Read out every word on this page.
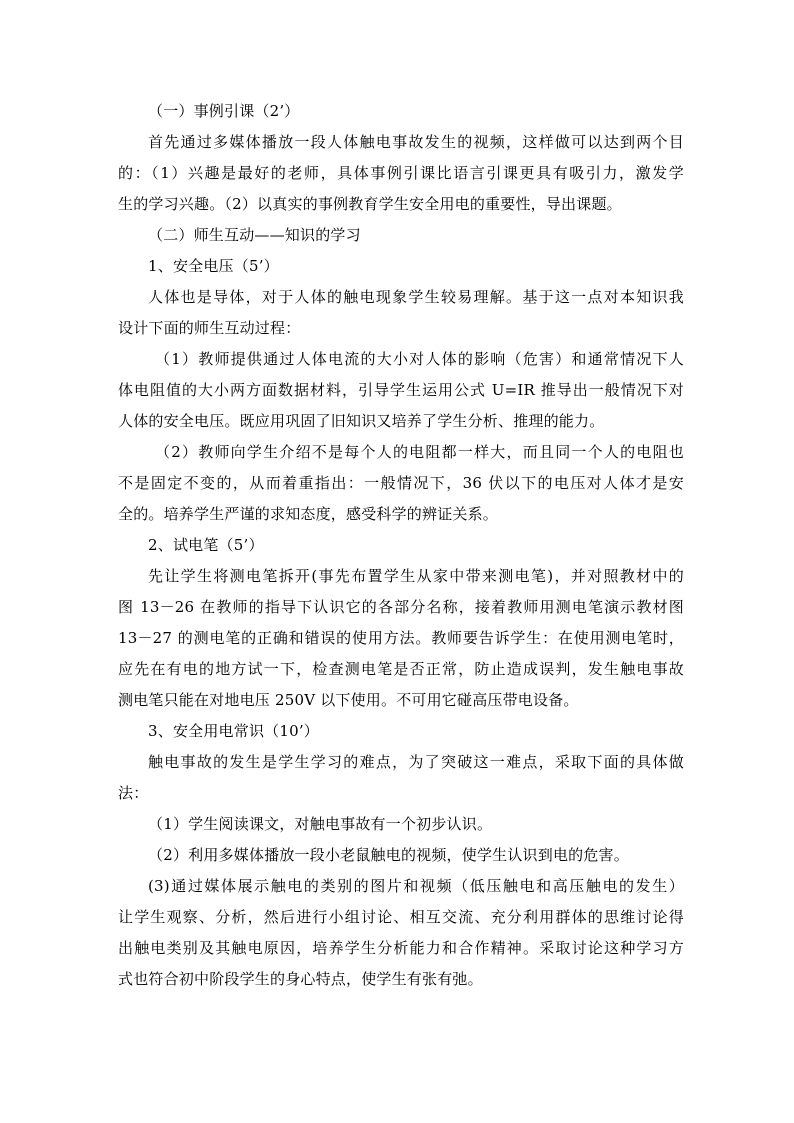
（一）事例引课（2’）
首先通过多媒体播放一段人体触电事故发生的视频，这样做可以达到两个目
的：（1）兴趣是最好的老师，具体事例引课比语言引课更具有吸引力，激发学
生的学习兴趣。（2）以真实的事例教育学生安全用电的重要性，导出课题。
（二）师生互动——知识的学习
1、安全电压（5’）
人体也是导体，对于人体的触电现象学生较易理解。基于这一点对本知识我
设计下面的师生互动过程：
（1）教师提供通过人体电流的大小对人体的影响（危害）和通常情况下人
体电阻值的大小两方面数据材料，引导学生运用公式 U=IR 推导出一般情况下对
人体的安全电压。既应用巩固了旧知识又培养了学生分析、推理的能力。
（2）教师向学生介绍不是每个人的电阻都一样大，而且同一个人的电阻也
不是固定不变的，从而着重指出：一般情况下，36 伏以下的电压对人体才是安
全的。培养学生严谨的求知态度，感受科学的辨证关系。
2、试电笔（5’）
先让学生将测电笔拆开(事先布置学生从家中带来测电笔)，并对照教材中的
图 13－26 在教师的指导下认识它的各部分名称，接着教师用测电笔演示教材图
13－27 的测电笔的正确和错误的使用方法。教师要告诉学生：在使用测电笔时，
应先在有电的地方试一下，检查测电笔是否正常，防止造成误判，发生触电事故
测电笔只能在对地电压 250V 以下使用。不可用它碰高压带电设备。
3、安全用电常识（10’）
触电事故的发生是学生学习的难点，为了突破这一难点，采取下面的具体做
法：
（1）学生阅读课文，对触电事故有一个初步认识。
（2）利用多媒体播放一段小老鼠触电的视频，使学生认识到电的危害。
(3)通过媒体展示触电的类别的图片和视频（低压触电和高压触电的发生）
让学生观察、分析，然后进行小组讨论、相互交流、充分利用群体的思维讨论得
出触电类别及其触电原因，培养学生分析能力和合作精神。采取讨论这种学习方
式也符合初中阶段学生的身心特点，使学生有张有弛。
